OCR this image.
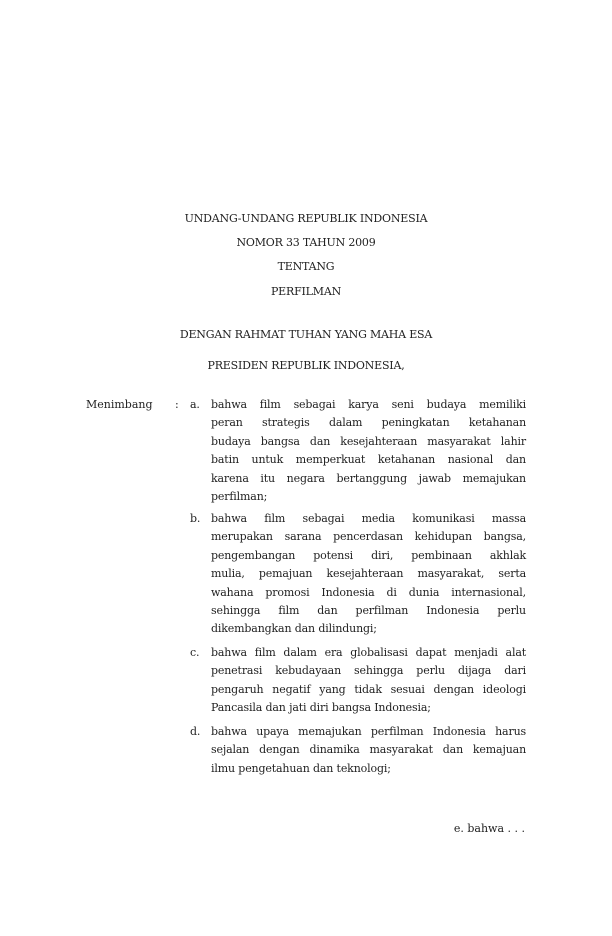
UNDANG-UNDANG REPUBLIK INDONESIA
NOMOR 33 TAHUN 2009
TENTANG
PERFILMAN
DENGAN RAHMAT TUHAN YANG MAHA ESA
PRESIDEN REPUBLIK INDONESIA,
Menimbang : a. bahwa film sebagai karya seni budaya memiliki
peran strategis dalam peningkatan ketahanan
budaya bangsa dan kesejahteraan masyarakat lahir
batin untuk memperkuat ketahanan nasional dan
karena itu negara bertanggung jawab memajukan
perfilman;
b. bahwa film sebagai media komunikasi massa
merupakan sarana pencerdasan kehidupan bangsa,
pengembangan potensi diri, pembinaan akhlak
mulia, pemajuan kesejahteraan masyarakat, serta
wahana promosi Indonesia di dunia internasional,
sehingga film dan perfilman Indonesia perlu
dikembangkan dan dilindungi;
c. bahwa film dalam era globalisasi dapat menjadi alat
penetrasi kebudayaan sehingga perlu dijaga dari
pengaruh negatif yang tidak sesuai dengan ideologi
Pancasila dan jati diri bangsa Indonesia;
d. bahwa upaya memajukan perfilman Indonesia harus
sejalan dengan dinamika masyarakat dan kemajuan
ilmu pengetahuan dan teknologi;
e. bahwa . . .
